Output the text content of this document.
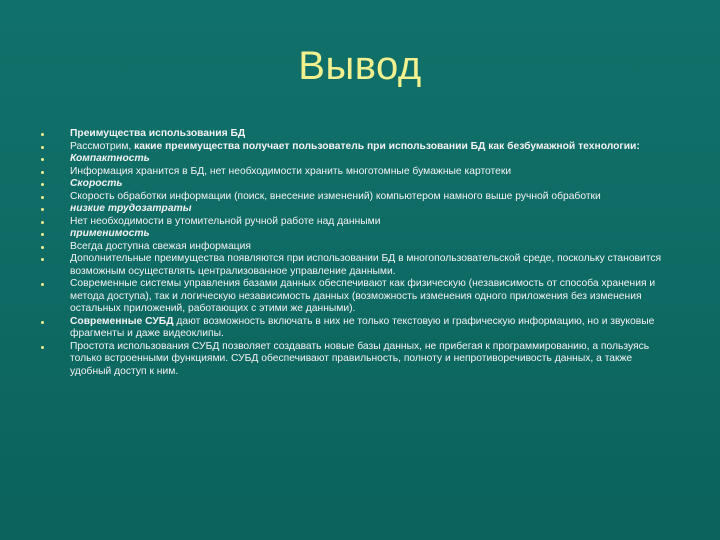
Вывод
Преимущества использования БД
Рассмотрим, какие преимущества получает пользователь при использовании БД как безбумажной технологии:
Компактность
Информация хранится в БД, нет необходимости хранить многотомные бумажные картотеки
Скорость
Скорость обработки информации (поиск, внесение изменений) компьютером намного выше ручной обработки
низкие трудозатраты
Нет необходимости в утомительной ручной работе над данными
применимость
Всегда доступна свежая информация
Дополнительные преимущества появляются при использовании БД в многопользовательской среде, поскольку становится возможным осуществлять централизованное управление данными.
Современные системы управления базами данных обеспечивают как физическую (независимость от способа хранения и метода доступа), так и логическую независимость данных (возможность изменения одного приложения без изменения остальных приложений, работающих с этими же данными).
Современные СУБД дают возможность включать в них не только текстовую и графическую информацию, но и звуковые фрагменты и даже видеоклипы.
Простота использования СУБД позволяет создавать новые базы данных, не прибегая к программированию, а пользуясь только встроенными функциями. СУБД обеспечивают правильность, полноту и непротиворечивость данных, а также удобный доступ к ним.
